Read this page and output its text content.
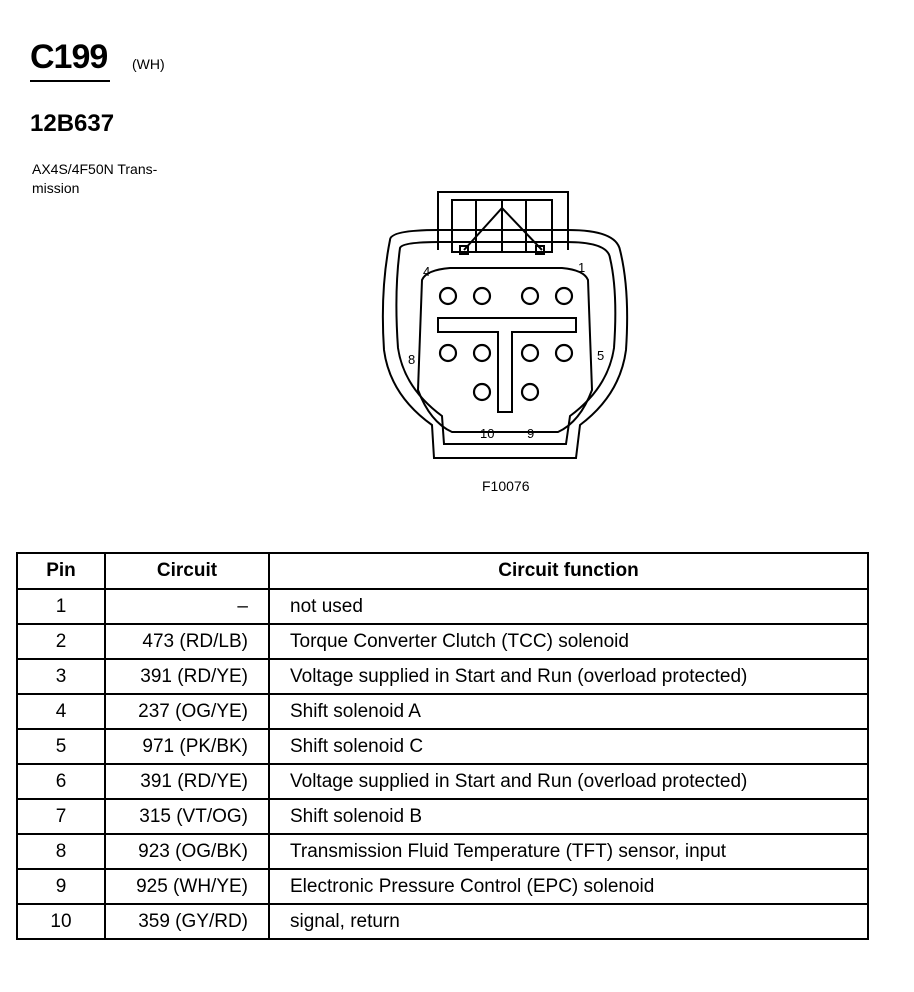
C199 (WH)
12B637
AX4S/4F50N Trans- mission
4	1
8	5
10	9
F10076
Pin	Circuit	Circuit function
1	–	not used
2	473 (RD/LB)	Torque Converter Clutch (TCC) solenoid
3	391 (RD/YE)	Voltage supplied in Start and Run (overload protected)
4	237 (OG/YE)	Shift solenoid A
5	971 (PK/BK)	Shift solenoid C
6	391 (RD/YE)	Voltage supplied in Start and Run (overload protected)
7	315 (VT/OG)	Shift solenoid B
8	923 (OG/BK)	Transmission Fluid Temperature (TFT) sensor, input
9	925 (WH/YE)	Electronic Pressure Control (EPC) solenoid
10	359 (GY/RD)	signal, return
